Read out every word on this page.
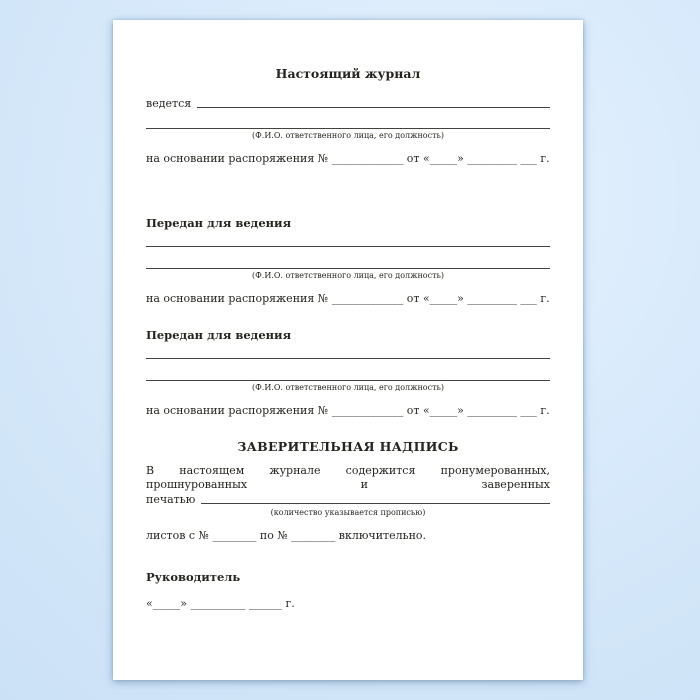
Настоящий журнал
ведется
(Ф.И.О. ответственного лица, его должность)
на основании распоряжения № _____________ от «_____» _________ ___ г.
Передан для ведения
(Ф.И.О. ответственного лица, его должность)
на основании распоряжения № _____________ от «_____» _________ ___ г.
Передан для ведения
(Ф.И.О. ответственного лица, его должность)
на основании распоряжения № _____________ от «_____» _________ ___ г.
ЗАВЕРИТЕЛЬНАЯ НАДПИСЬ
В настоящем журнале содержится пронумерованных, прошнурованных и заверенных
печатью
(количество указывается прописью)
листов с № ________ по № ________ включительно.
Руководитель
«_____» __________ ______ г.
